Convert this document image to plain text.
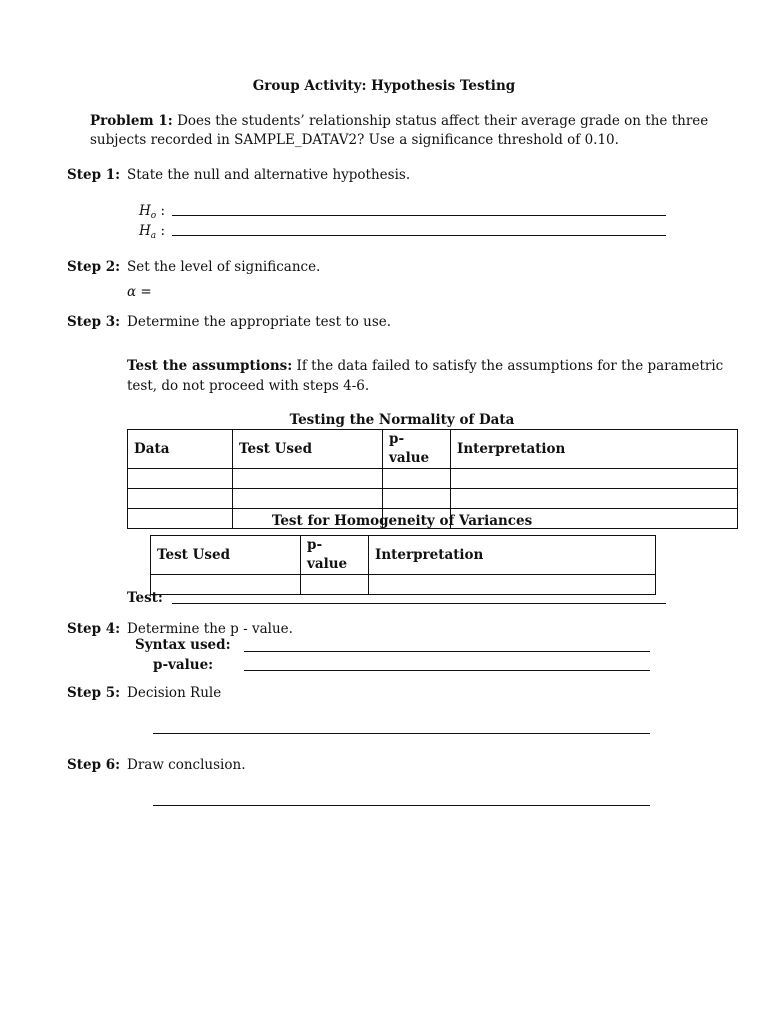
Group Activity: Hypothesis Testing
Problem 1: Does the students’ relationship status affect their average grade on the three
subjects recorded in SAMPLE_DATAV2? Use a significance threshold of 0.10.
Step 1: State the null and alternative hypothesis.
$H_o$ :
$H_a$ :
Step 2: Set the level of significance.
α =
Step 3: Determine the appropriate test to use.
Test the assumptions: If the data failed to satisfy the assumptions for the parametric
test, do not proceed with steps 4-6.
Testing the Normality of Data
Data	Test Used	p-value	Interpretation

Test for Homogeneity of Variances
Test Used	p-value	Interpretation

Test:
Step 4: Determine the p - value.
Syntax used:
p-value:
Step 5: Decision Rule
Step 6: Draw conclusion.
